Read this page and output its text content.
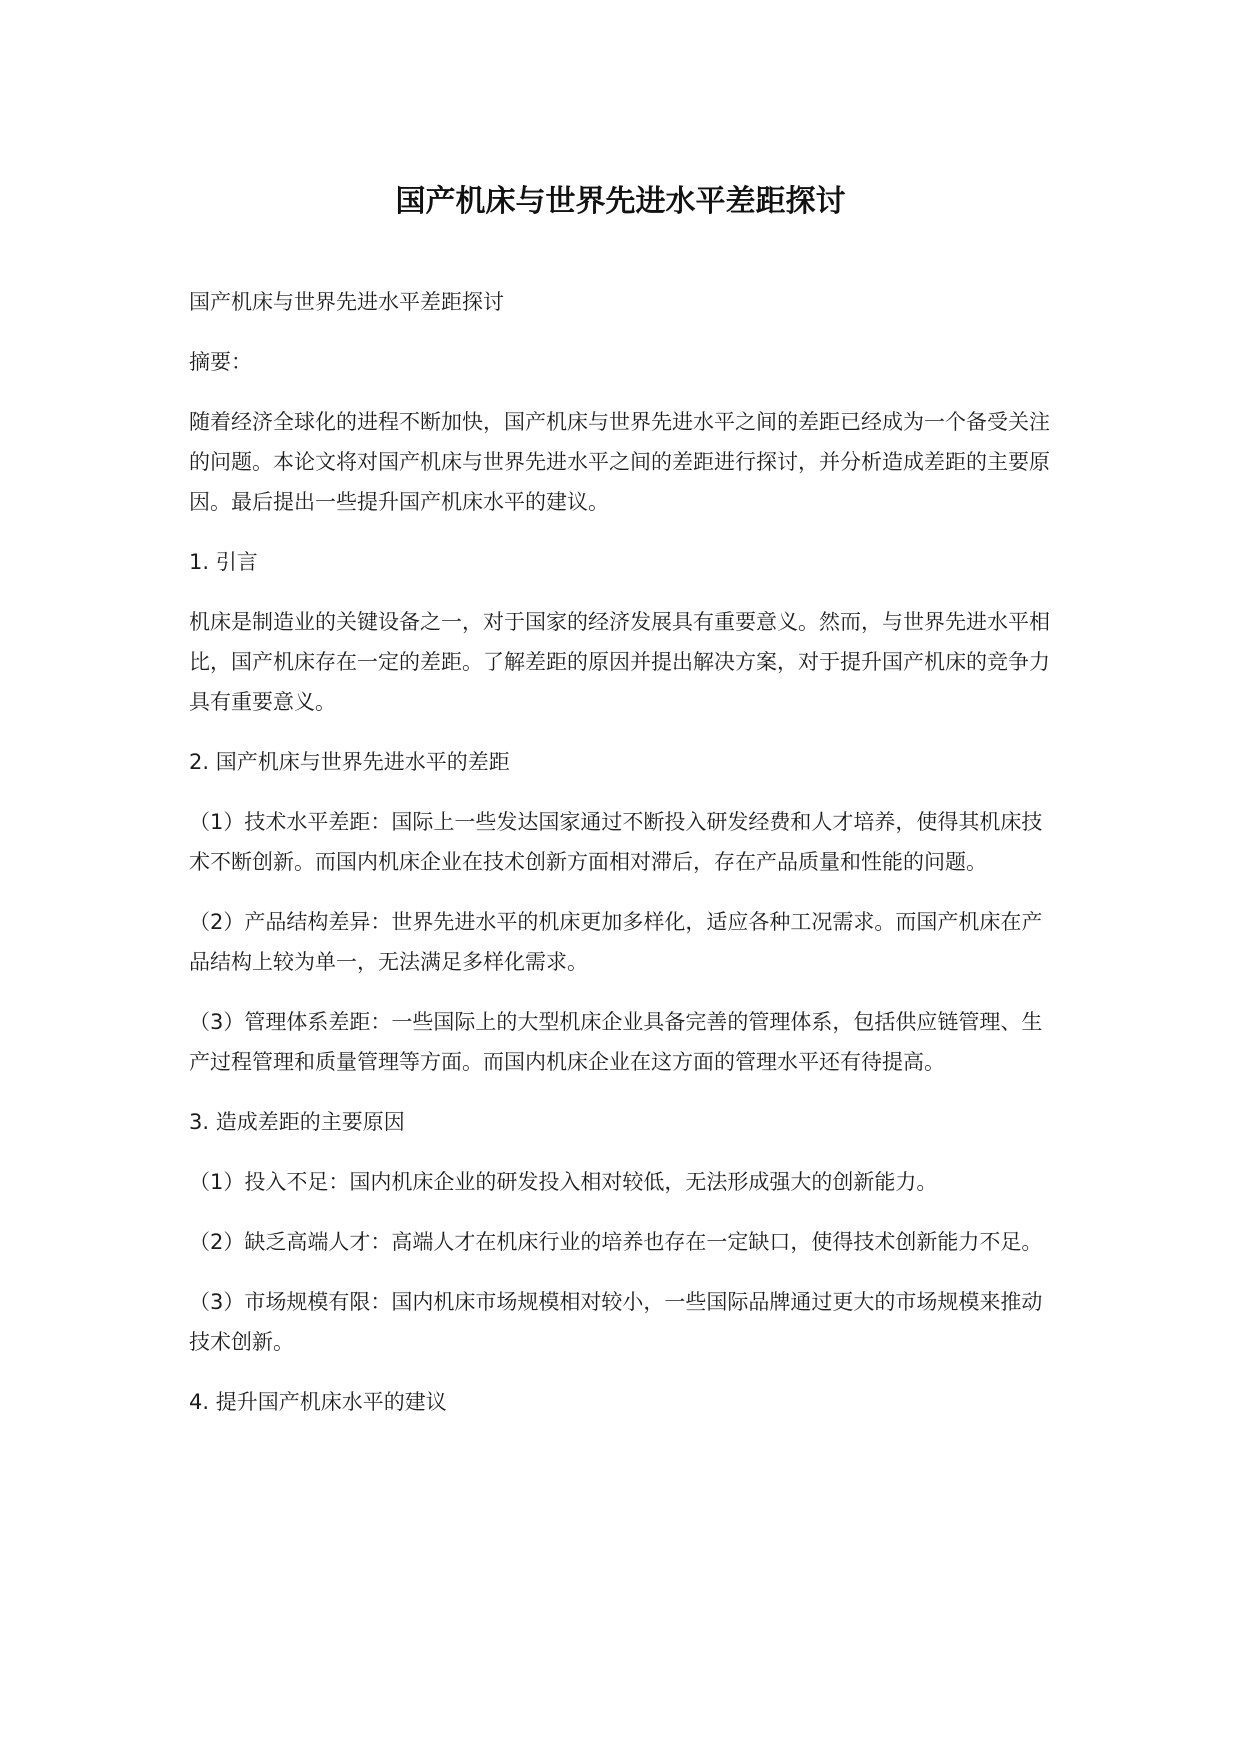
国产机床与世界先进水平差距探讨

国产机床与世界先进水平差距探讨

摘要：

随着经济全球化的进程不断加快，国产机床与世界先进水平之间的差距已经成为一个备受关注的问题。本论文将对国产机床与世界先进水平之间的差距进行探讨，并分析造成差距的主要原因。最后提出一些提升国产机床水平的建议。

1. 引言

机床是制造业的关键设备之一，对于国家的经济发展具有重要意义。然而，与世界先进水平相比，国产机床存在一定的差距。了解差距的原因并提出解决方案，对于提升国产机床的竞争力具有重要意义。

2. 国产机床与世界先进水平的差距

（1）技术水平差距：国际上一些发达国家通过不断投入研发经费和人才培养，使得其机床技术不断创新。而国内机床企业在技术创新方面相对滞后，存在产品质量和性能的问题。

（2）产品结构差异：世界先进水平的机床更加多样化，适应各种工况需求。而国产机床在产品结构上较为单一，无法满足多样化需求。

（3）管理体系差距：一些国际上的大型机床企业具备完善的管理体系，包括供应链管理、生产过程管理和质量管理等方面。而国内机床企业在这方面的管理水平还有待提高。

3. 造成差距的主要原因

（1）投入不足：国内机床企业的研发投入相对较低，无法形成强大的创新能力。

（2）缺乏高端人才：高端人才在机床行业的培养也存在一定缺口，使得技术创新能力不足。

（3）市场规模有限：国内机床市场规模相对较小，一些国际品牌通过更大的市场规模来推动技术创新。

4. 提升国产机床水平的建议
